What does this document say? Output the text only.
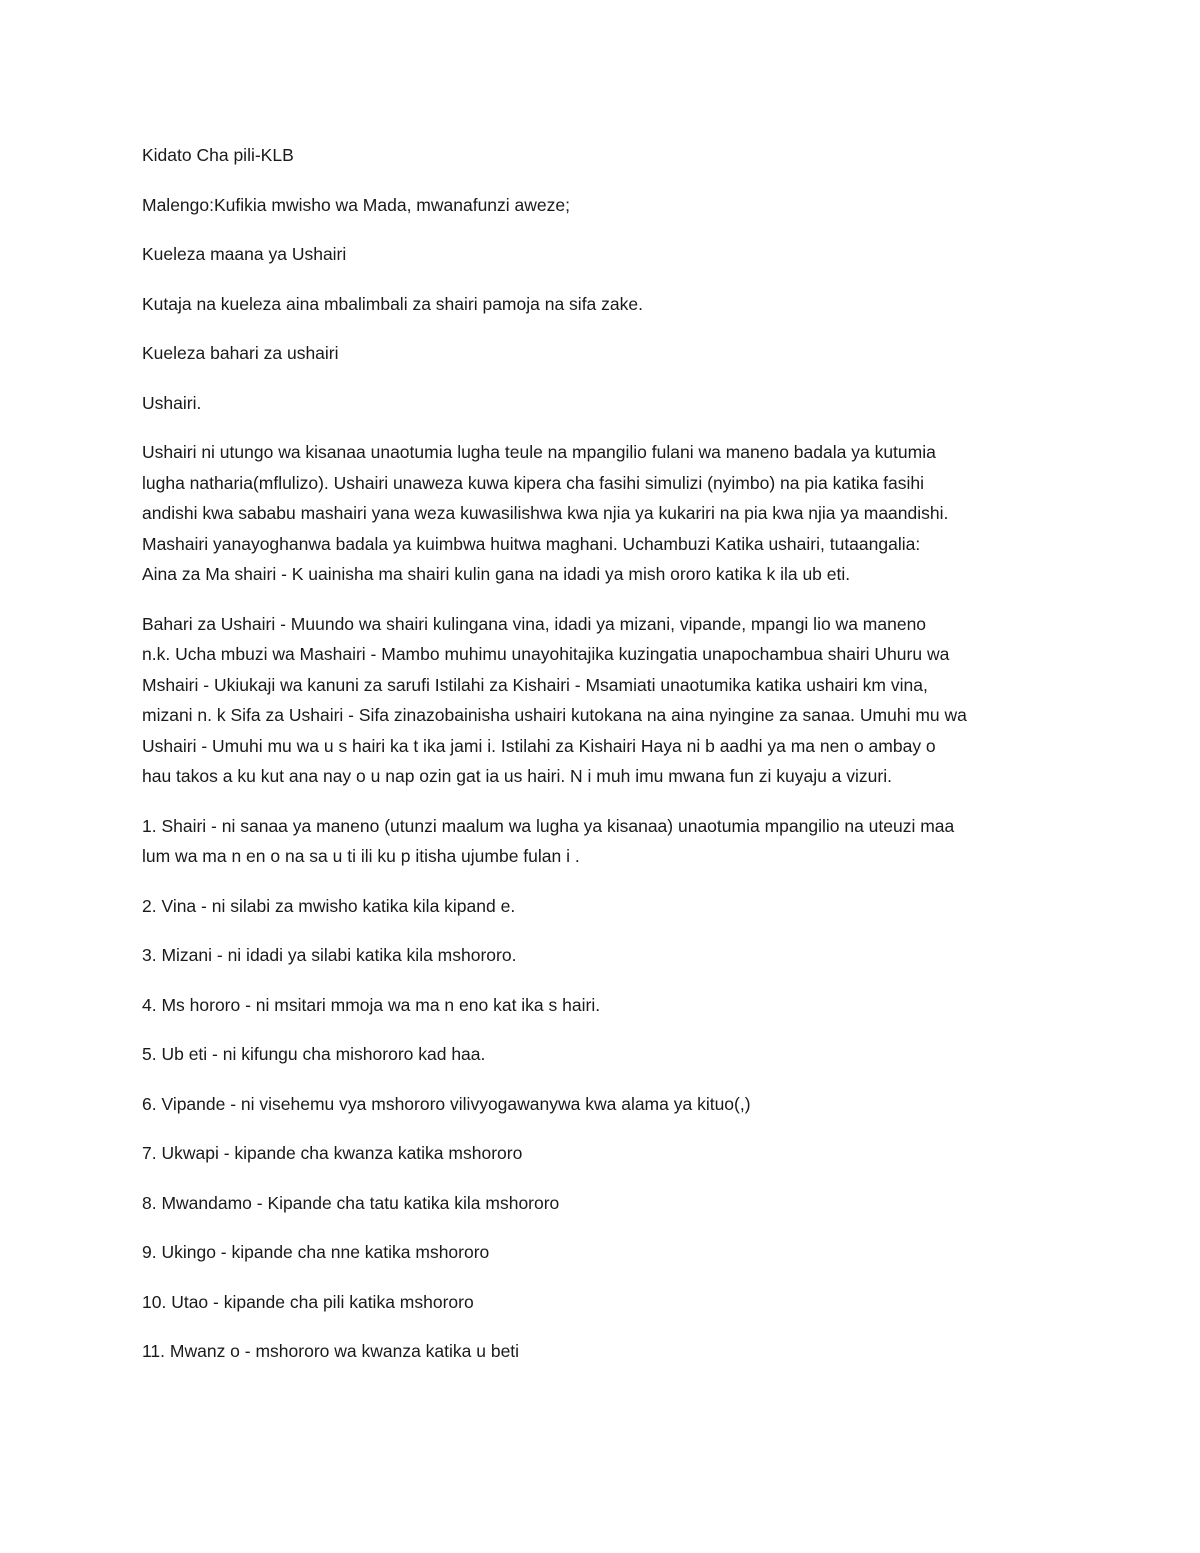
Kidato Cha pili-KLB

Malengo:Kufikia mwisho wa Mada, mwanafunzi aweze;

Kueleza maana ya Ushairi

Kutaja na kueleza aina mbalimbali za shairi pamoja na sifa zake.

Kueleza bahari za ushairi

Ushairi.

Ushairi ni utungo wa kisanaa unaotumia lugha teule na mpangilio fulani wa maneno badala ya kutumia
lugha natharia(mflulizo). Ushairi unaweza kuwa kipera cha fasihi simulizi (nyimbo) na pia katika fasihi
andishi kwa sababu mashairi yana weza kuwasilishwa kwa njia ya kukariri na pia kwa njia ya maandishi.
Mashairi yanayoghanwa badala ya kuimbwa huitwa maghani. Uchambuzi Katika ushairi, tutaangalia:
Aina za Ma shairi - K uainisha ma shairi kulin gana na idadi ya mish ororo katika k ila ub eti.

Bahari za Ushairi - Muundo wa shairi kulingana vina, idadi ya mizani, vipande, mpangi lio wa maneno
n.k. Ucha mbuzi wa Mashairi - Mambo muhimu unayohitajika kuzingatia unapochambua shairi Uhuru wa
Mshairi - Ukiukaji wa kanuni za sarufi Istilahi za Kishairi - Msamiati unaotumika katika ushairi km vina,
mizani n. k Sifa za Ushairi - Sifa zinazobainisha ushairi kutokana na aina nyingine za sanaa. Umuhi mu wa
Ushairi - Umuhi mu wa u s hairi ka t ika jami i. Istilahi za Kishairi Haya ni b aadhi ya ma nen o ambay o
hau takos a ku kut ana nay o u nap ozin gat ia us hairi. N i muh imu mwana fun zi kuyaju a vizuri.

1. Shairi - ni sanaa ya maneno (utunzi maalum wa lugha ya kisanaa) unaotumia mpangilio na uteuzi maa
lum wa ma n en o na sa u ti ili ku p itisha ujumbe fulan i .

2. Vina - ni silabi za mwisho katika kila kipand e.

3. Mizani - ni idadi ya silabi katika kila mshororo.

4. Ms hororo - ni msitari mmoja wa ma n eno kat ika s hairi.

5. Ub eti - ni kifungu cha mishororo kad haa.

6. Vipande - ni visehemu vya mshororo vilivyogawanywa kwa alama ya kituo(,)

7. Ukwapi - kipande cha kwanza katika mshororo

8. Mwandamo - Kipande cha tatu katika kila mshororo

9. Ukingo - kipande cha nne katika mshororo

10. Utao - kipande cha pili katika mshororo

11. Mwanz o - mshororo wa kwanza katika u beti
